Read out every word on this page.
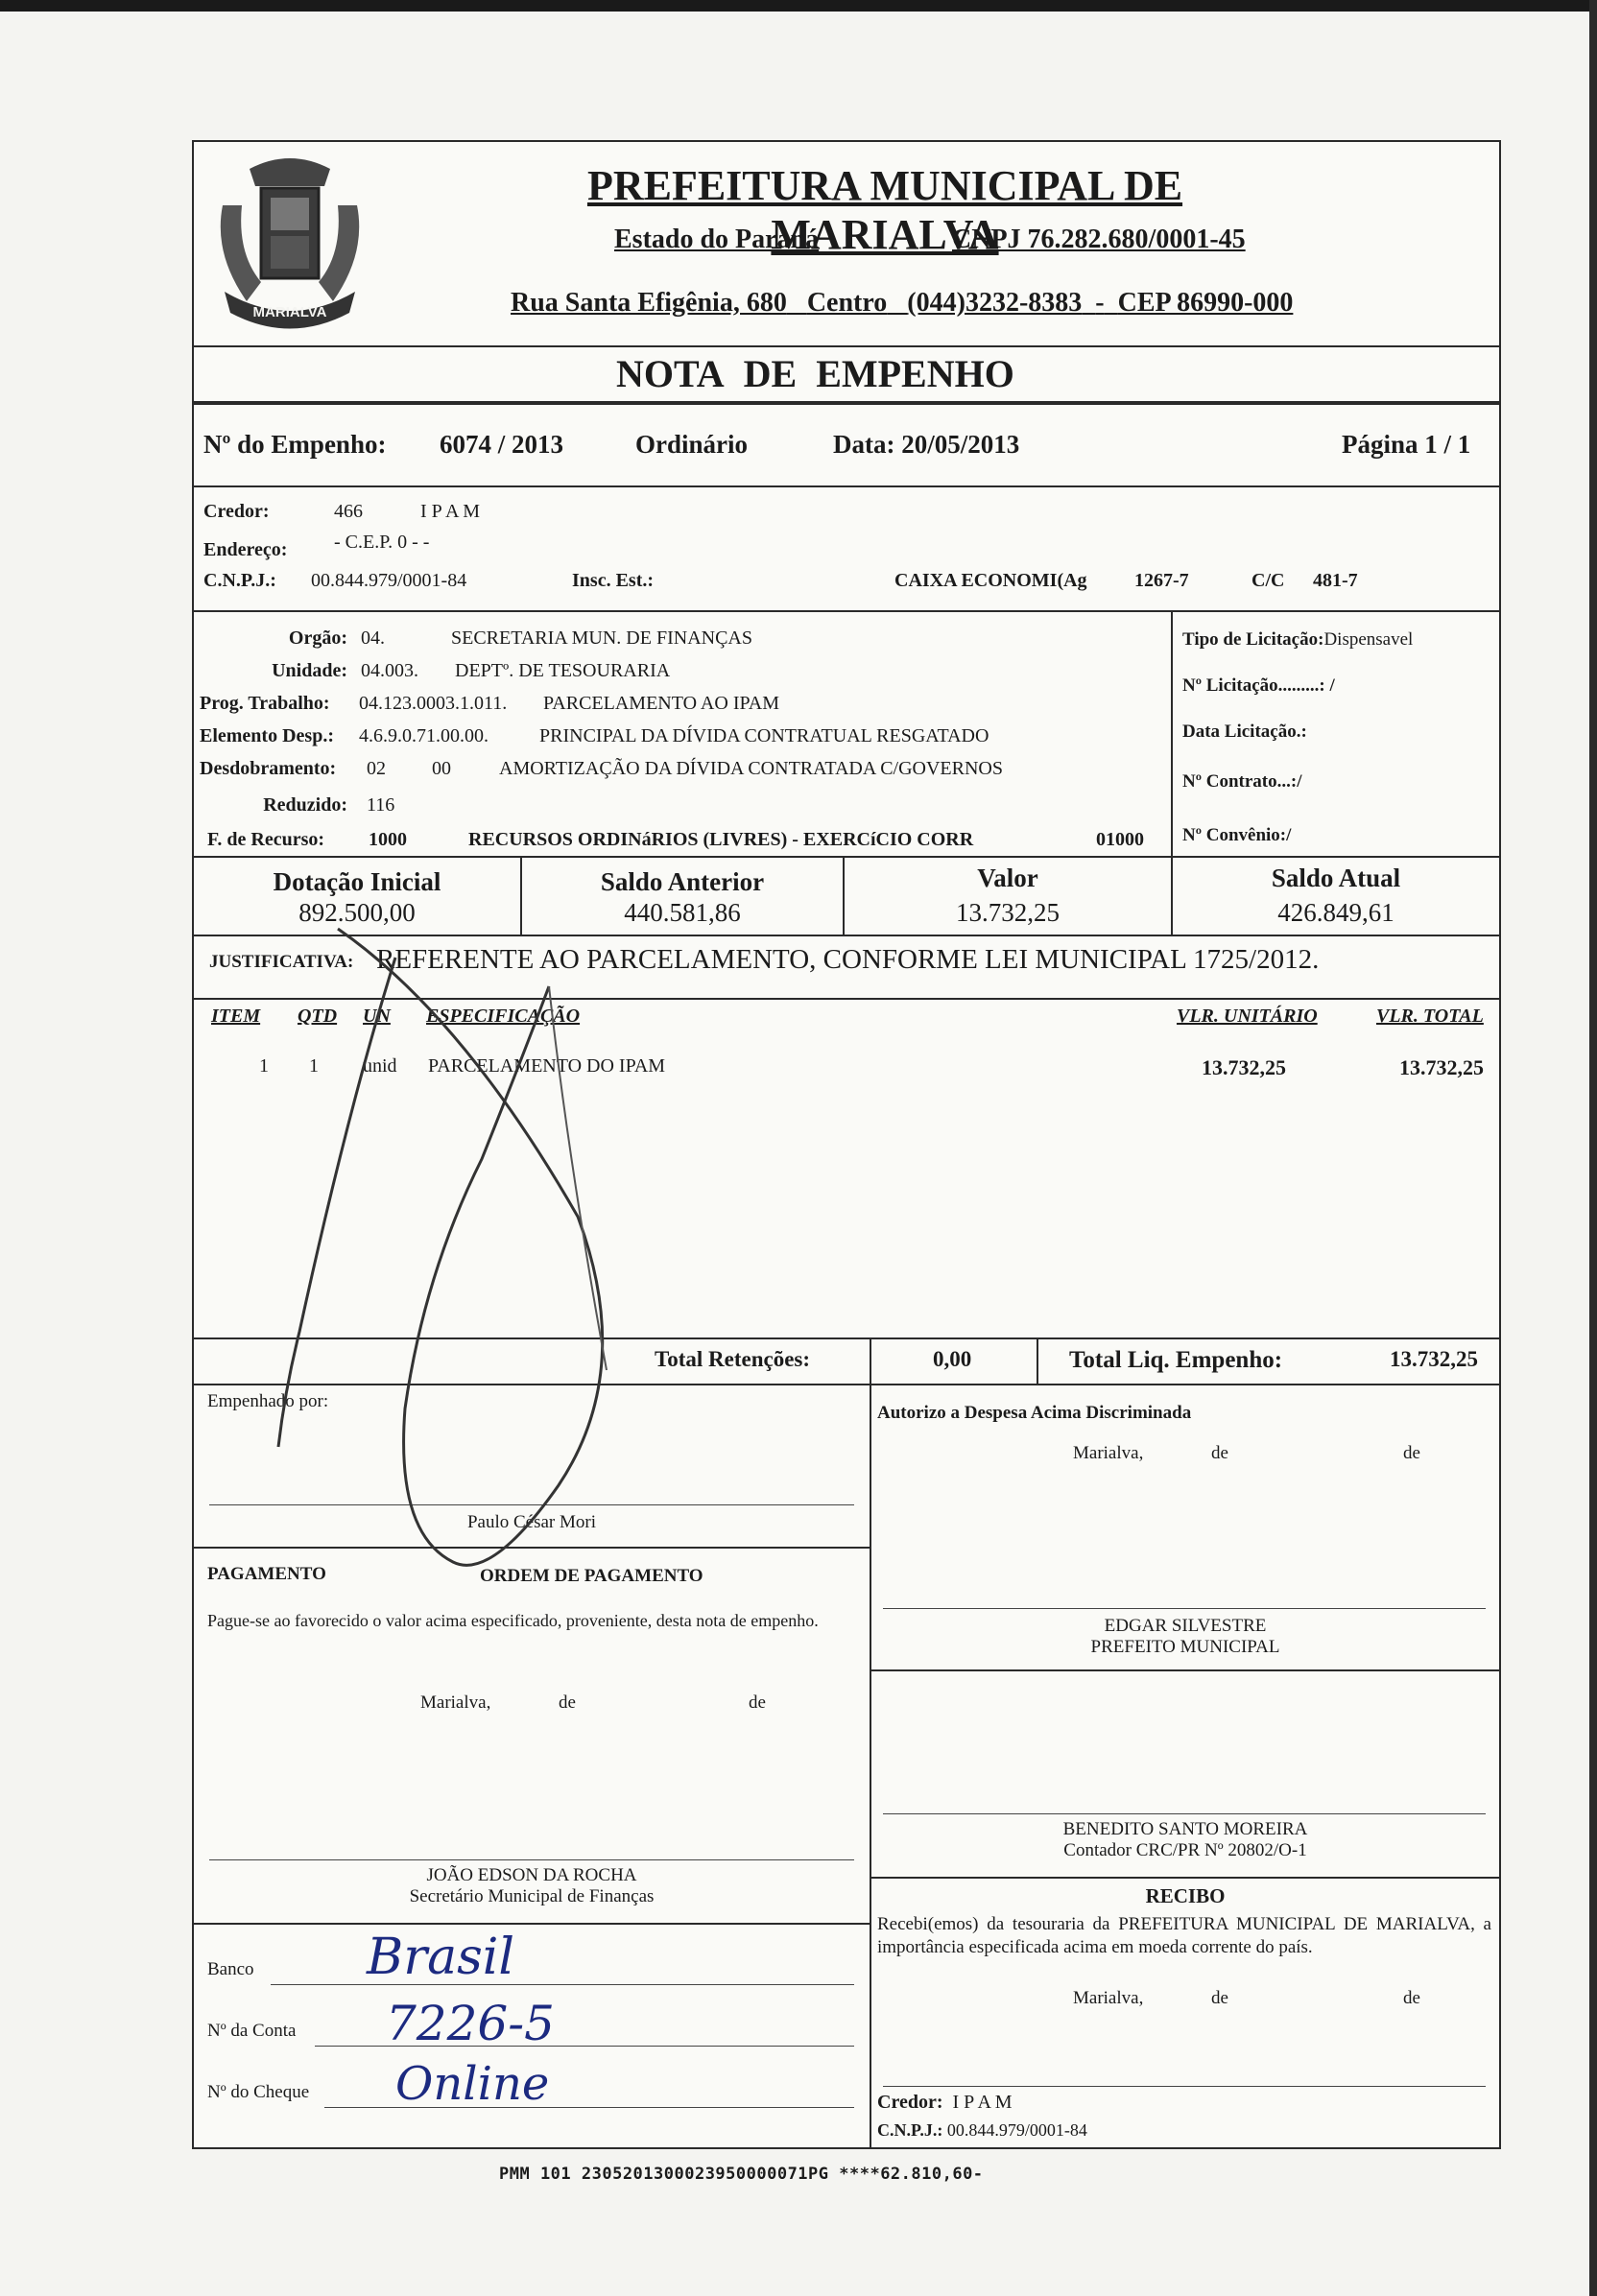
MARIALVA
PREFEITURA MUNICIPAL DE MARIALVA
Estado do Paraná	CNPJ 76.282.680/0001-45
Rua Santa Efigênia, 680 Centro (044)3232-8383 - CEP 86990-000
NOTA DE EMPENHO
Nº do Empenho: 6074 / 2013	Ordinário	Data: 20/05/2013	Página 1 / 1
Credor:	466	I P A M
Endereço: - C.E.P. 0 - -
C.N.P.J.: 00.844.979/0001-84	Insc. Est.:	CAIXA ECONOMI(Ag 1267-7	C/C 481-7
Orgão: 04.	SECRETARIA MUN. DE FINANÇAS
Unidade: 04.003. DEPTº. DE TESOURARIA
Prog. Trabalho: 04.123.0003.1.011. PARCELAMENTO AO IPAM
Elemento Desp.: 4.6.9.0.71.00.00.	PRINCIPAL DA DÍVIDA CONTRATUAL RESGATADO
Desdobramento: 02 00	AMORTIZAÇÃO DA DÍVIDA CONTRATADA C/GOVERNOS
Reduzido: 116
F. de Recurso: 1000	RECURSOS ORDINáRIOS (LIVRES) - EXERCíCIO CORR	01000
Tipo de Licitação:Dispensavel
Nº Licitação.........: /
Data Licitação.:
Nº Contrato...:/
Nº Convênio:/
Dotação Inicial
892.500,00
Saldo Anterior
440.581,86
Valor
13.732,25
Saldo Atual
426.849,61
JUSTIFICATIVA: REFERENTE AO PARCELAMENTO, CONFORME LEI MUNICIPAL 1725/2012.
ITEM QTD UN ESPECIFICAÇÃO	VLR. UNITÁRIO	VLR. TOTAL
1 1 unid PARCELAMENTO DO IPAM	13.732,25	13.732,25
Total Retenções:	0,00	Total Liq. Empenho:	13.732,25
Empenhado por:
Paulo César Mori
Autorizo a Despesa Acima Discriminada
Marialva,	de	de
PAGAMENTO	ORDEM DE PAGAMENTO
Pague-se ao favorecido o valor acima especificado, proveniente, desta nota de empenho.
Marialva,	de	de
EDGAR SILVESTRE
PREFEITO MUNICIPAL
BENEDITO SANTO MOREIRA
Contador CRC/PR Nº 20802/O-1
JOÃO EDSON DA ROCHA
Secretário Municipal de Finanças
Banco Brasil
Nº da Conta 7226-5
Nº do Cheque Online
RECIBO
Recebi(emos) da tesouraria da PREFEITURA MUNICIPAL DE MARIALVA, a importância especificada acima em moeda corrente do país.
Marialva,	de	de
Credor: I P A M
C.N.P.J.: 00.844.979/0001-84
PMM 101 2305201300023950000071PG ****62.810,60-
